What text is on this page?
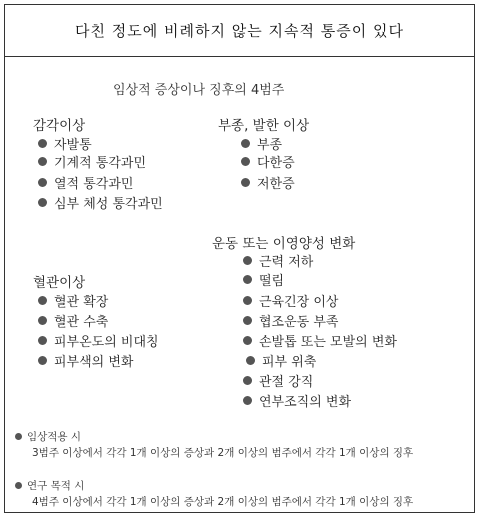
다친 정도에 비례하지 않는 지속적 통증이 있다
임상적 증상이나 징후의 4범주
감각이상
자발통
기계적 통각과민
열적 통각과민
심부 체성 통각과민
부종, 발한 이상
부종
다한증
저한증
운동 또는 이영양성 변화
근력 저하
떨림
근육긴장 이상
협조운동 부족
손발톱 또는 모발의 변화
피부 위축
관절 강직
연부조직의 변화
혈관이상
혈관 확장
혈관 수축
피부온도의 비대칭
피부색의 변화
임상적용 시
3범주 이상에서 각각 1개 이상의 증상과 2개 이상의 범주에서 각각 1개 이상의 징후
연구 목적 시
4범주 이상에서 각각 1개 이상의 증상과 2개 이상의 범주에서 각각 1개 이상의 징후
